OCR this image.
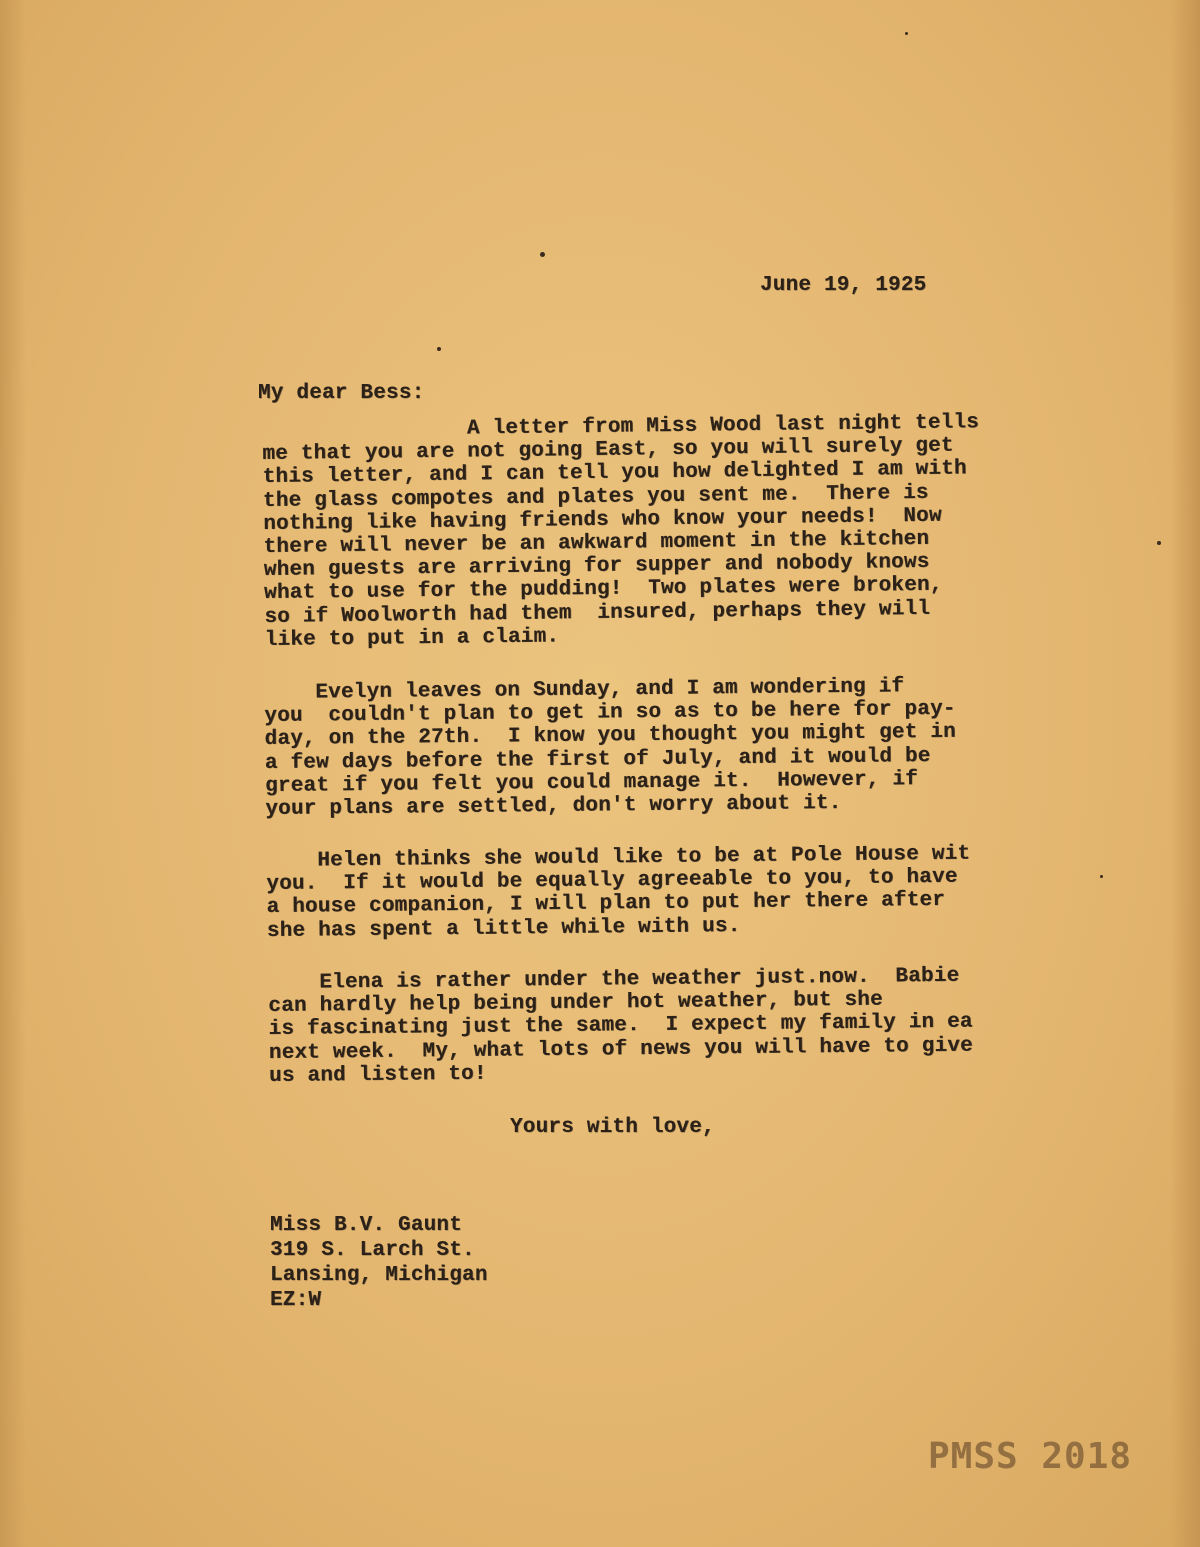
June 19, 1925

My dear Bess:

A letter from Miss Wood last night tells
me that you are not going East, so you will surely get
this letter, and I can tell you how delighted I am with
the glass compotes and plates you sent me.  There is
nothing like having friends who know your needs!  Now
there will never be an awkward moment in the kitchen
when guests are arriving for supper and nobody knows
what to use for the pudding!  Two plates were broken,
so if Woolworth had them  insured, perhaps they will
like to put in a claim.

Evelyn leaves on Sunday, and I am wondering if
you  couldn't plan to get in so as to be here for pay-
day, on the 27th.  I know you thought you might get in
a few days before the first of July, and it would be
great if you felt you could manage it.  However, if
your plans are settled, don't worry about it.

Helen thinks she would like to be at Pole House wit
you.  If it would be equally agreeable to you, to have
a house companion, I will plan to put her there after
she has spent a little while with us.

Elena is rather under the weather just.now.  Babie
can hardly help being under hot weather, but she
is fascinating just the same.  I expect my family in ea
next week.  My, what lots of news you will have to give
us and listen to!

Yours with love,

Miss B.V. Gaunt

319 S. Larch St.

Lansing, Michigan

EZ:W

PMSS 2018
